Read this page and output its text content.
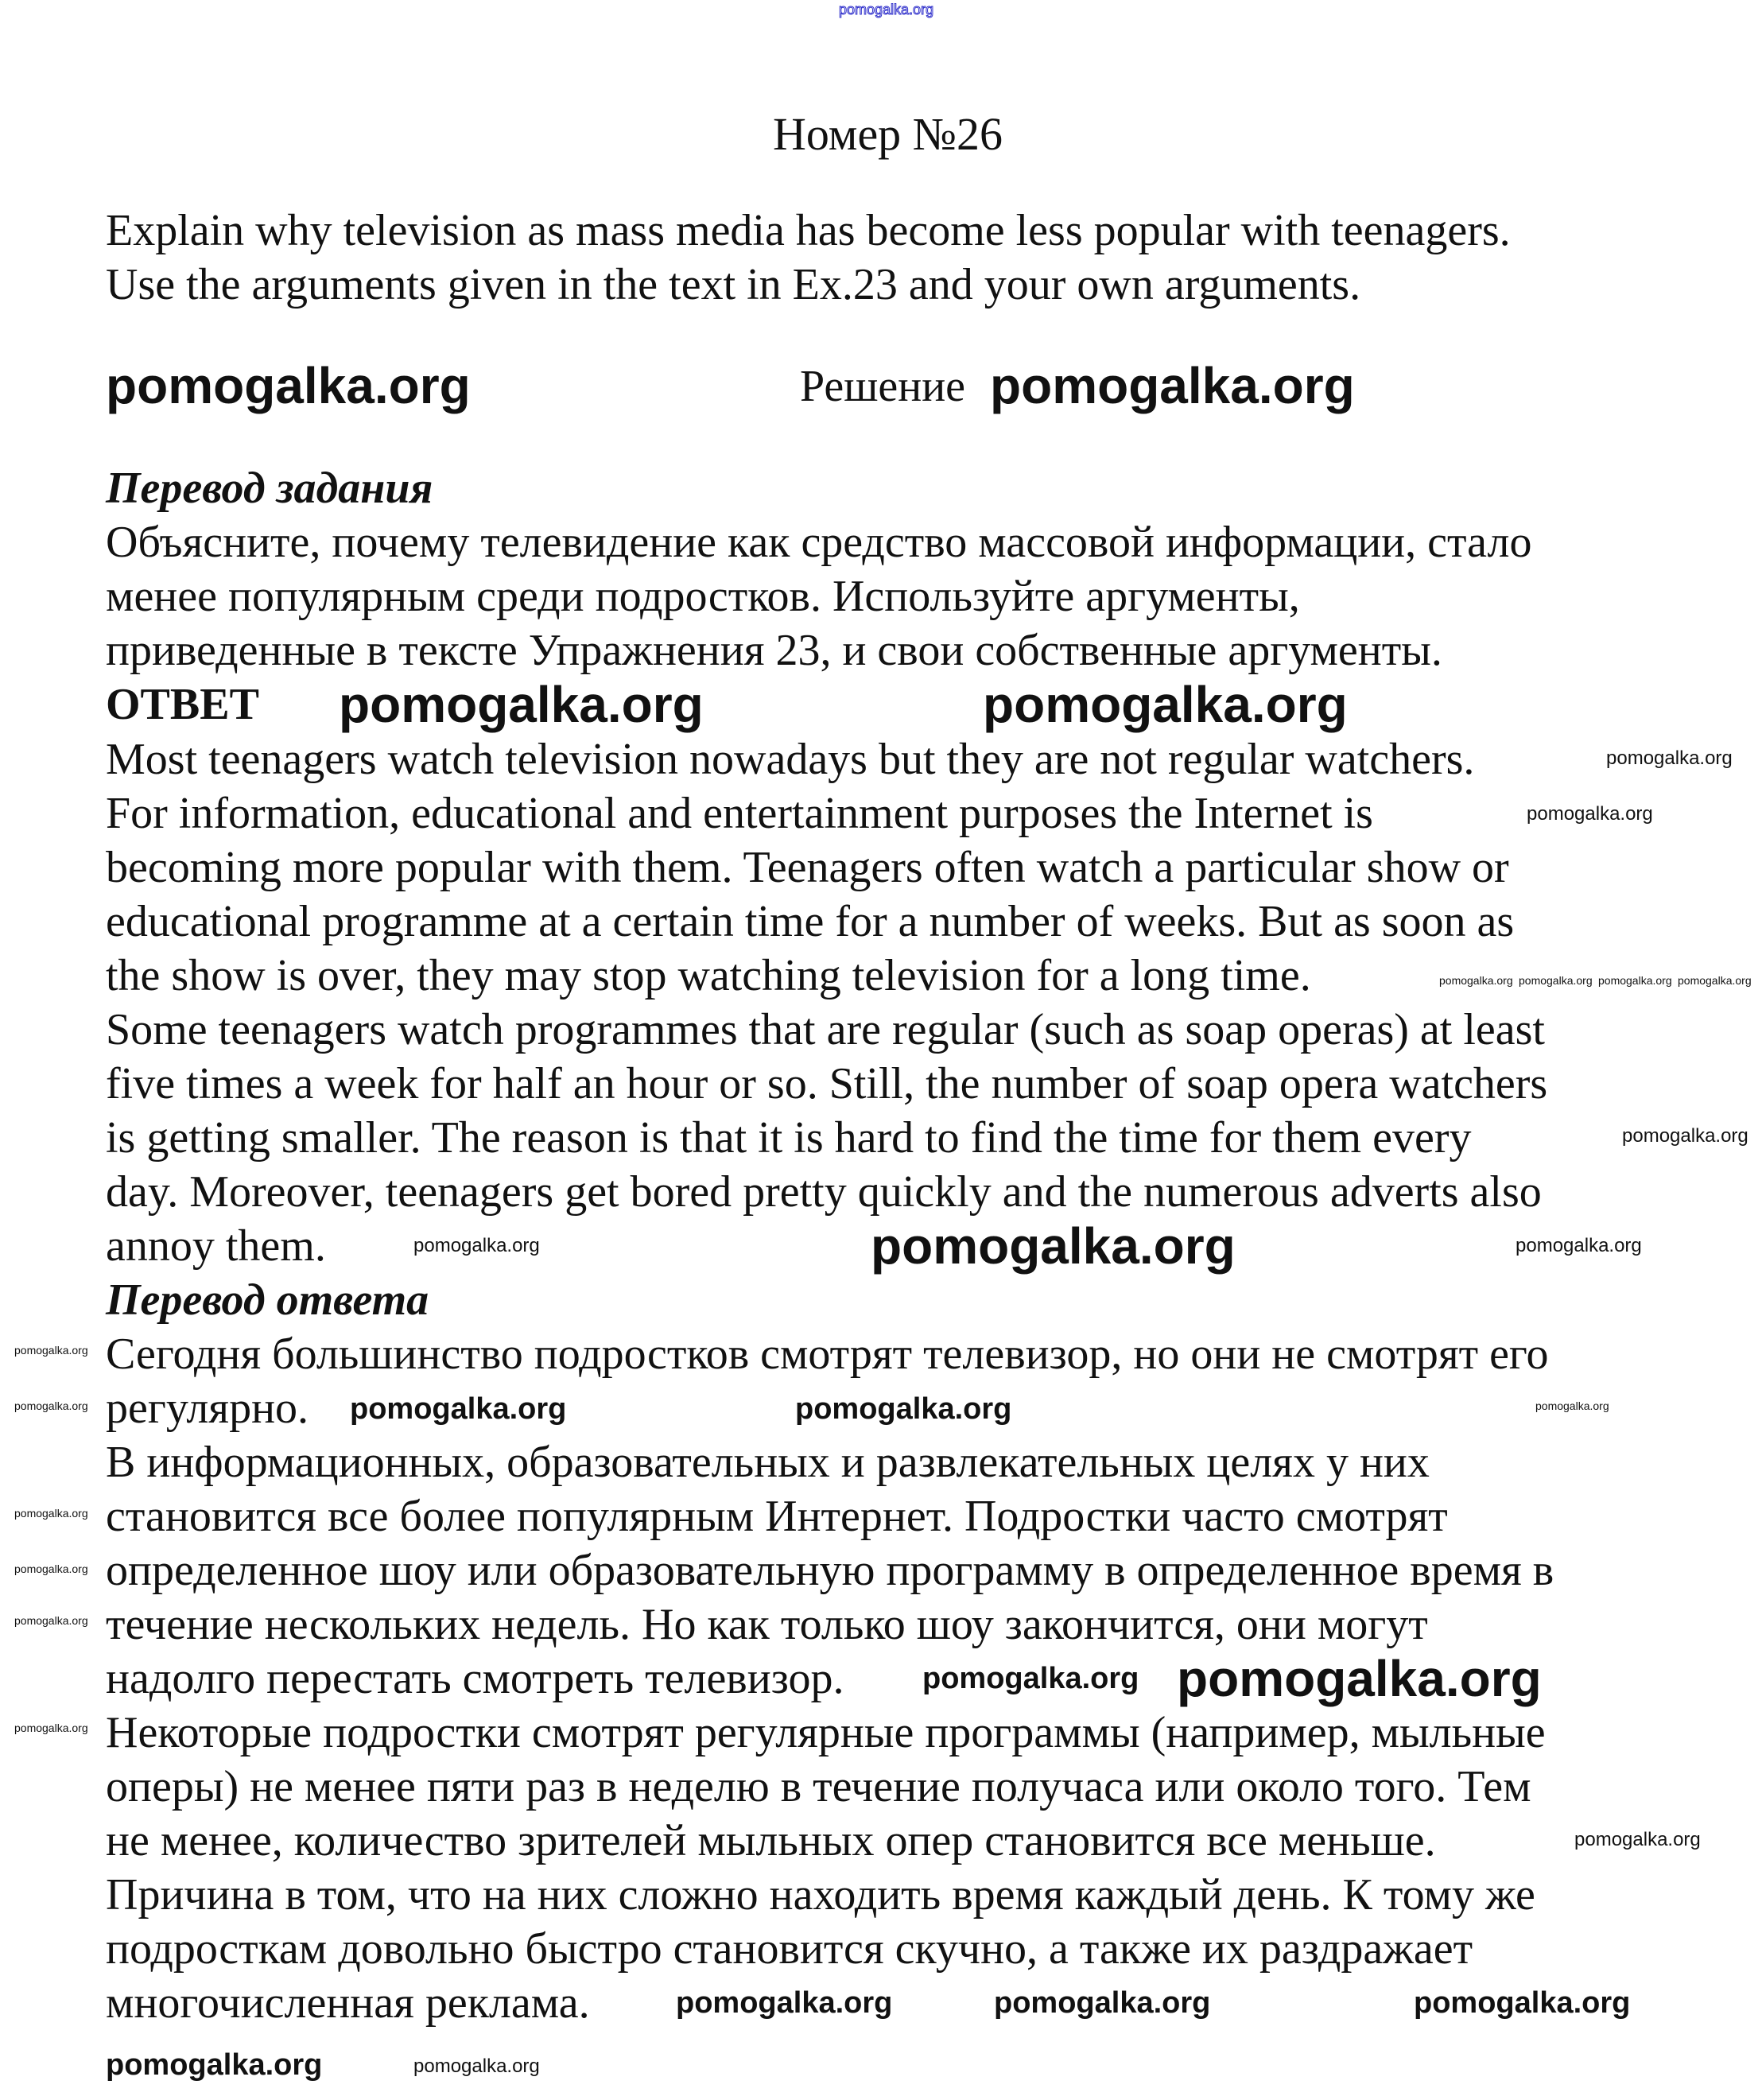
pomogalka.org
Номер №26
Explain why television as mass media has become less popular with teenagers.
Use the arguments given in the text in Ex.23 and your own arguments.
pomogalka.org	Решение pomogalka.org
Перевод задания
Объясните, почему телевидение как средство массовой информации, стало
менее популярным среди подростков. Используйте аргументы,
приведенные в тексте Упражнения 23, и свои собственные аргументы.
ОТВЕТ pomogalka.org	pomogalka.org
Most teenagers watch television nowadays but they are not regular watchers.
For information, educational and entertainment purposes the Internet is
becoming more popular with them. Teenagers often watch a particular show or
educational programme at a certain time for a number of weeks. But as soon as
the show is over, they may stop watching television for a long time.
Some teenagers watch programmes that are regular (such as soap operas) at least
five times a week for half an hour or so. Still, the number of soap opera watchers
is getting smaller. The reason is that it is hard to find the time for them every
day. Moreover, teenagers get bored pretty quickly and the numerous adverts also
annoy them.
pomogalka.org
pomogalka.org
pomogalka.org pomogalka.org pomogalka.org pomogalka.org
pomogalka.org
pomogalka.org	pomogalka.org
pomogalka.org
Перевод ответа
Сегодня большинство подростков смотрят телевизор, но они не смотрят его
регулярно.
В информационных, образовательных и развлекательных целях у них
становится все более популярным Интернет. Подростки часто смотрят
определенное шоу или образовательную программу в определенное время в
течение нескольких недель. Но как только шоу закончится, они могут
надолго перестать смотреть телевизор.
Некоторые подростки смотрят регулярные программы (например, мыльные
оперы) не менее пяти раз в неделю в течение получаса или около того. Тем
не менее, количество зрителей мыльных опер становится все меньше.
Причина в том, что на них сложно находить время каждый день. К тому же
подросткам довольно быстро становится скучно, а также их раздражает
многочисленная реклама.
pomogalka.org
pomogalka.org	pomogalka.org
pomogalka.org
pomogalka.org
pomogalka.org
pomogalka.org
pomogalka.org
pomogalka.org pomogalka.org
pomogalka.org
pomogalka.org
pomogalka.org	pomogalka.org
pomogalka.org	pomogalka.org	pomogalka.org
